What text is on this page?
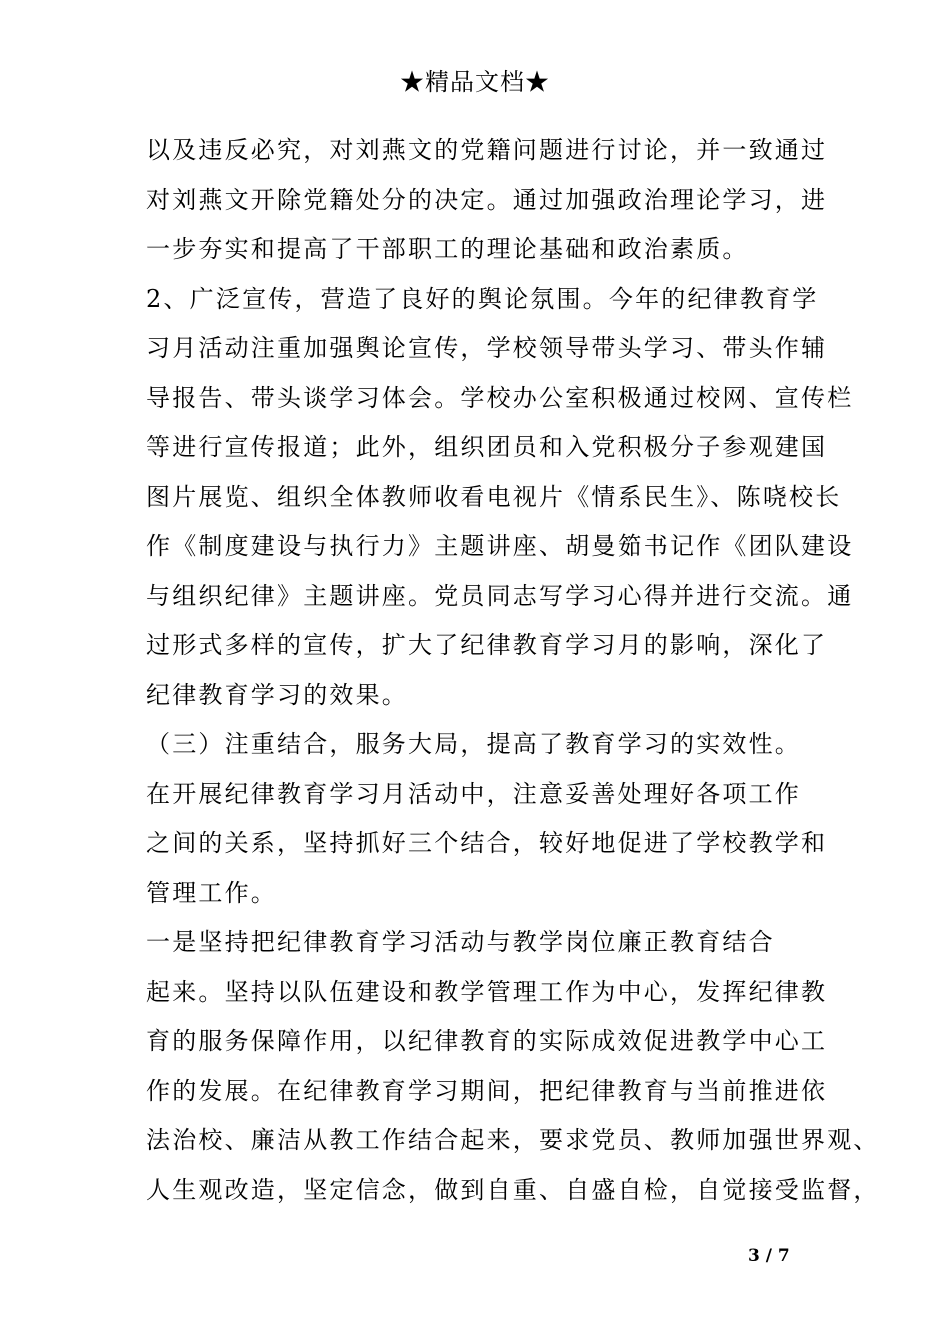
★精品文档★
以及违反必究，对刘燕文的党籍问题进行讨论，并一致通过
对刘燕文开除党籍处分的决定。通过加强政治理论学习，进
一步夯实和提高了干部职工的理论基础和政治素质。
2、广泛宣传，营造了良好的舆论氛围。今年的纪律教育学
习月活动注重加强舆论宣传，学校领导带头学习、带头作辅
导报告、带头谈学习体会。学校办公室积极通过校网、宣传栏
等进行宣传报道；此外，组织团员和入党积极分子参观建国
图片展览、组织全体教师收看电视片《情系民生》、陈哓校长
作《制度建设与执行力》主题讲座、胡曼筎书记作《团队建设
与组织纪律》主题讲座。党员同志写学习心得并进行交流。通
过形式多样的宣传，扩大了纪律教育学习月的影响，深化了
纪律教育学习的效果。
（三）注重结合，服务大局，提高了教育学习的实效性。
在开展纪律教育学习月活动中，注意妥善处理好各项工作
之间的关系，坚持抓好三个结合，较好地促进了学校教学和
管理工作。
一是坚持把纪律教育学习活动与教学岗位廉正教育结合
起来。坚持以队伍建设和教学管理工作为中心，发挥纪律教
育的服务保障作用，以纪律教育的实际成效促进教学中心工
作的发展。在纪律教育学习期间，把纪律教育与当前推进依
法治校、廉洁从教工作结合起来，要求党员、教师加强世界观、
人生观改造，坚定信念，做到自重、自盛自检，自觉接受监督，
3 / 7
